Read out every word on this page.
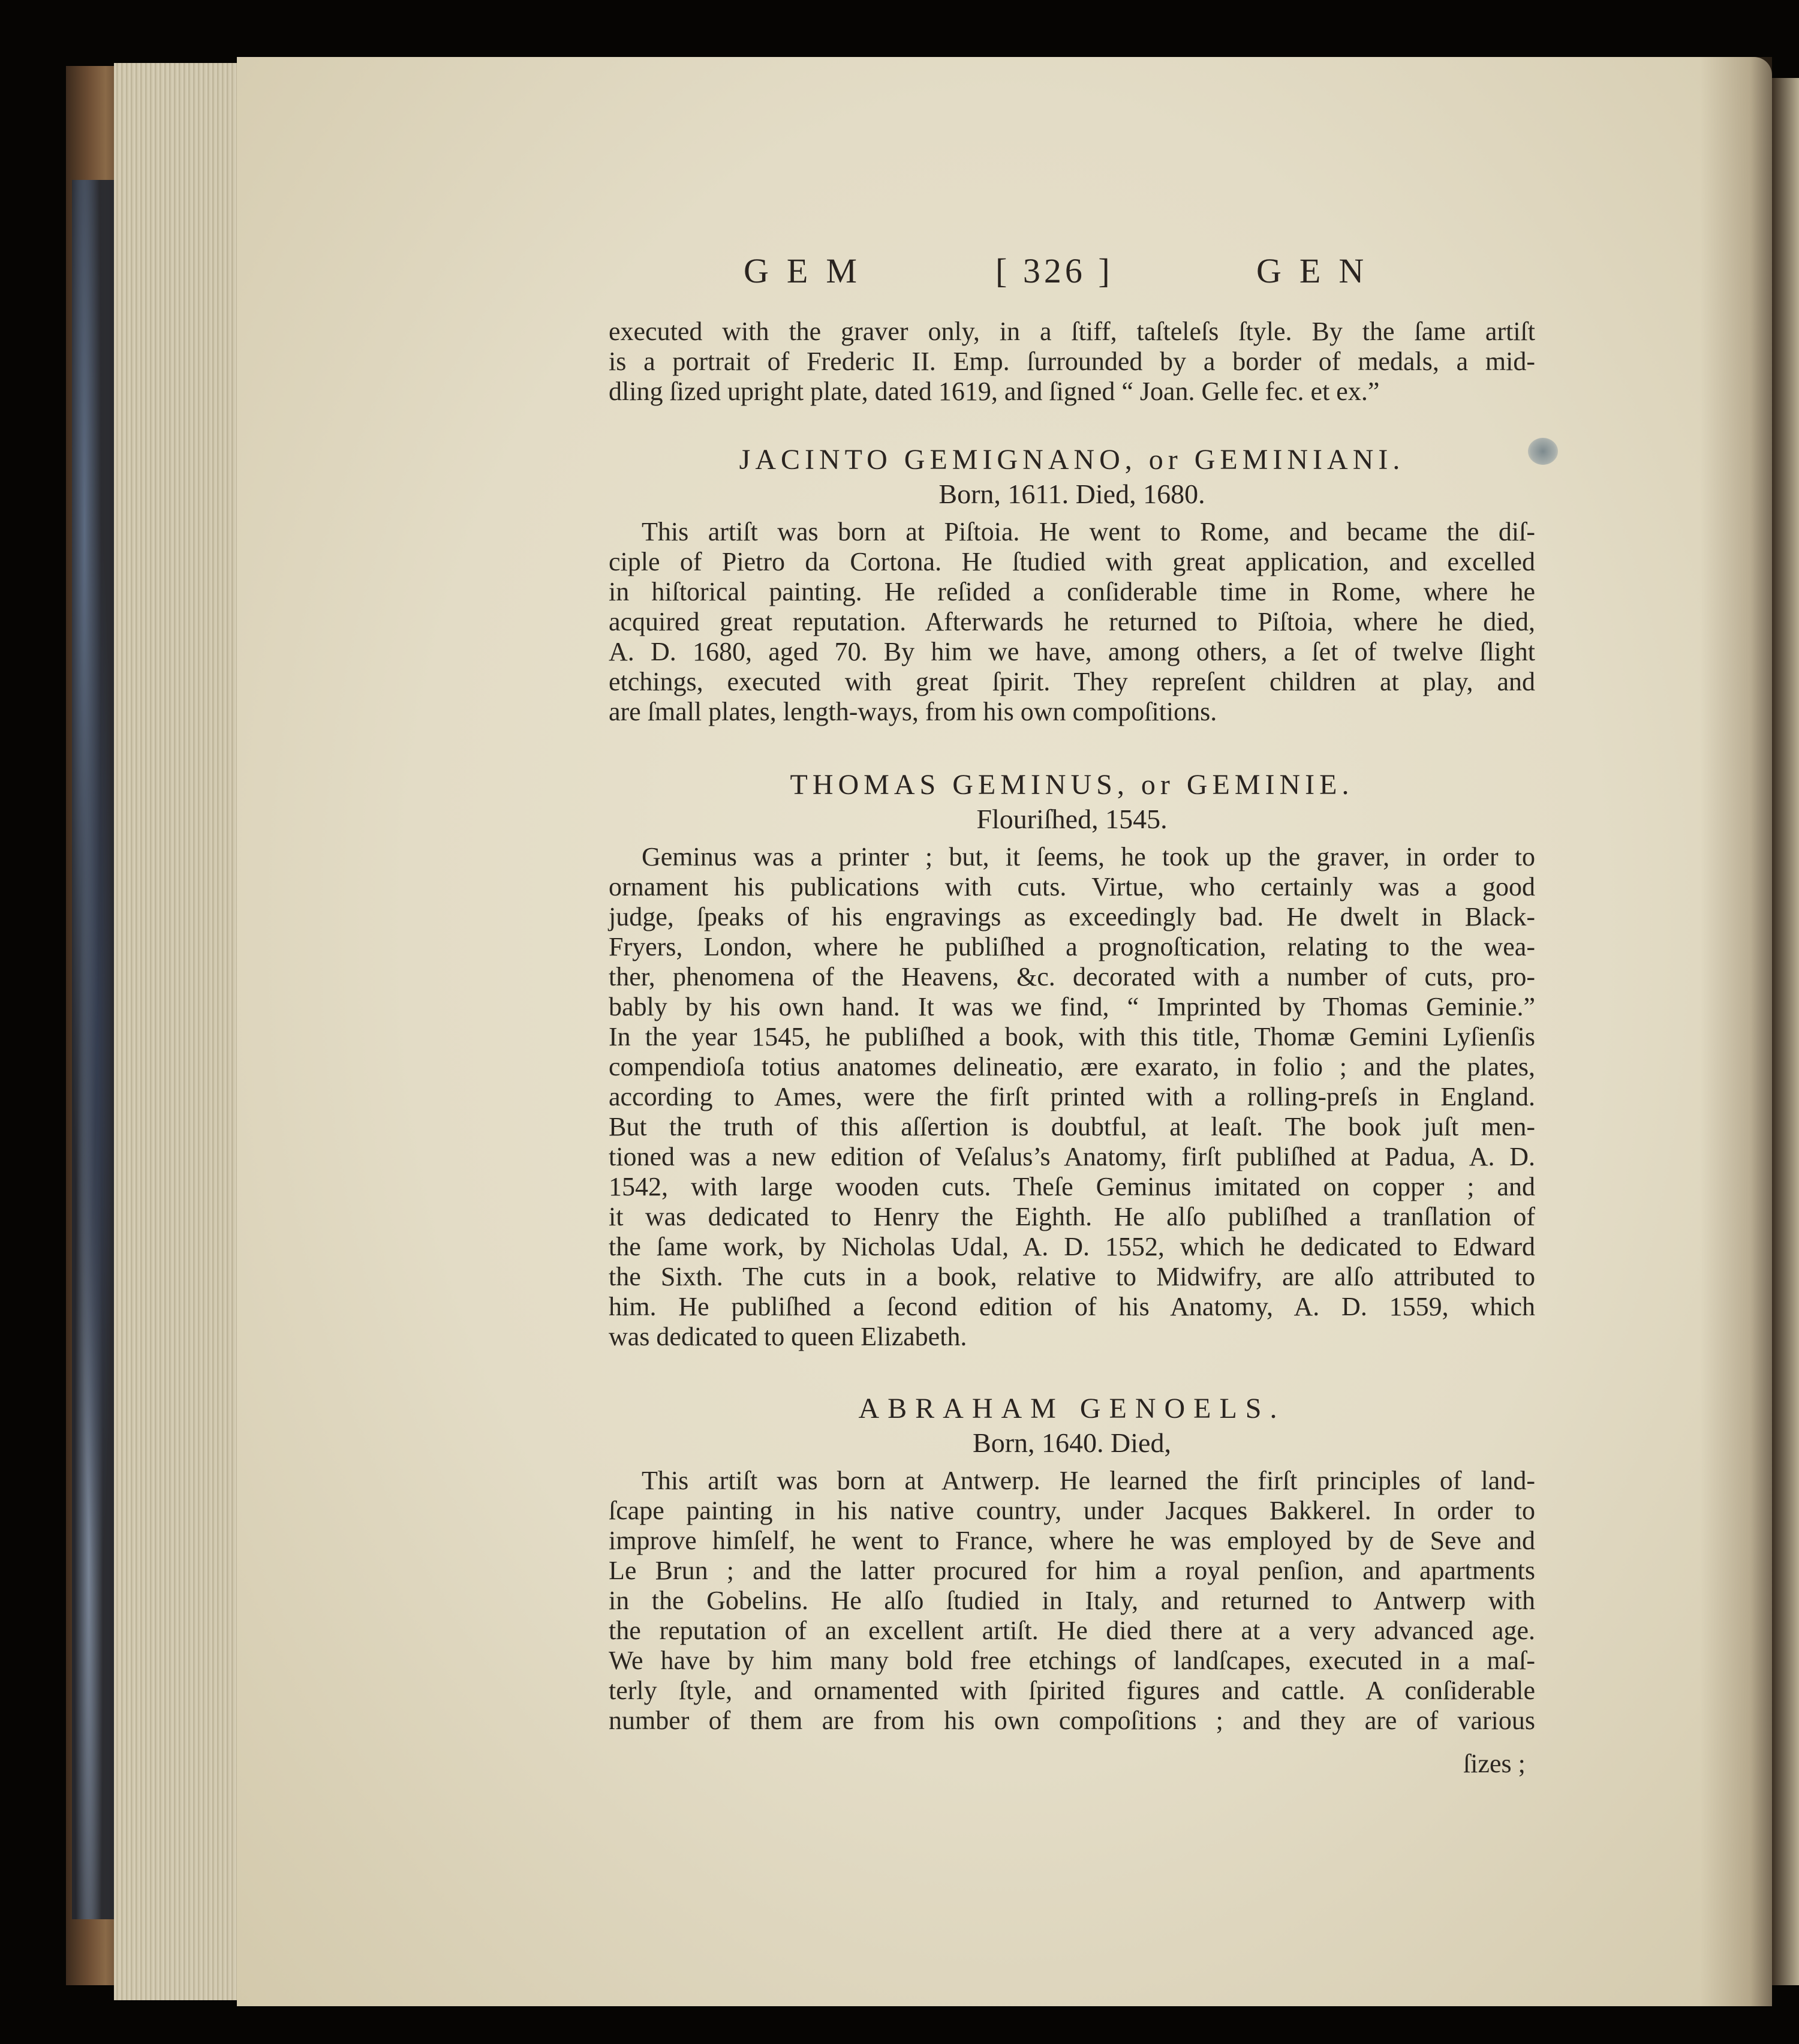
GEM	[ 326 ]	GEN
executed with the graver only, in a ſtiff, taſteleſs ſtyle. By the ſame artiſt
is a portrait of Frederic II. Emp. ſurrounded by a border of medals, a mid-
dling ſized upright plate, dated 1619, and ſigned “ Joan. Gelle fec. et ex.”
JACINTO GEMIGNANO, or GEMINIANI.
Born, 1611. Died, 1680.
This artiſt was born at Piſtoia. He went to Rome, and became the diſ-
ciple of Pietro da Cortona. He ſtudied with great application, and excelled
in hiſtorical painting. He reſided a conſiderable time in Rome, where he
acquired great reputation. Afterwards he returned to Piſtoia, where he died,
A. D. 1680, aged 70. By him we have, among others, a ſet of twelve ſlight
etchings, executed with great ſpirit. They repreſent children at play, and
are ſmall plates, length-ways, from his own compoſitions.
THOMAS GEMINUS, or GEMINIE.
Flouriſhed, 1545.
Geminus was a printer ; but, it ſeems, he took up the graver, in order to
ornament his publications with cuts. Virtue, who certainly was a good
judge, ſpeaks of his engravings as exceedingly bad. He dwelt in Black-
Fryers, London, where he publiſhed a prognoſtication, relating to the wea-
ther, phenomena of the Heavens, &c. decorated with a number of cuts, pro-
bably by his own hand. It was we find, “ Imprinted by Thomas Geminie.”
In the year 1545, he publiſhed a book, with this title, Thomæ Gemini Lyſienſis
compendioſa totius anatomes delineatio, ære exarato, in folio ; and the plates,
according to Ames, were the firſt printed with a rolling-preſs in England.
But the truth of this aſſertion is doubtful, at leaſt. The book juſt men-
tioned was a new edition of Veſalus’s Anatomy, firſt publiſhed at Padua, A. D.
1542, with large wooden cuts. Theſe Geminus imitated on copper ; and
it was dedicated to Henry the Eighth. He alſo publiſhed a tranſlation of
the ſame work, by Nicholas Udal, A. D. 1552, which he dedicated to Edward
the Sixth. The cuts in a book, relative to Midwifry, are alſo attributed to
him. He publiſhed a ſecond edition of his Anatomy, A. D. 1559, which
was dedicated to queen Elizabeth.
ABRAHAM GENOELS.
Born, 1640. Died,
This artiſt was born at Antwerp. He learned the firſt principles of land-
ſcape painting in his native country, under Jacques Bakkerel. In order to
improve himſelf, he went to France, where he was employed by de Seve and
Le Brun ; and the latter procured for him a royal penſion, and apartments
in the Gobelins. He alſo ſtudied in Italy, and returned to Antwerp with
the reputation of an excellent artiſt. He died there at a very advanced age.
We have by him many bold free etchings of landſcapes, executed in a maſ-
terly ſtyle, and ornamented with ſpirited figures and cattle. A conſiderable
number of them are from his own compoſitions ; and they are of various
ſizes ;
